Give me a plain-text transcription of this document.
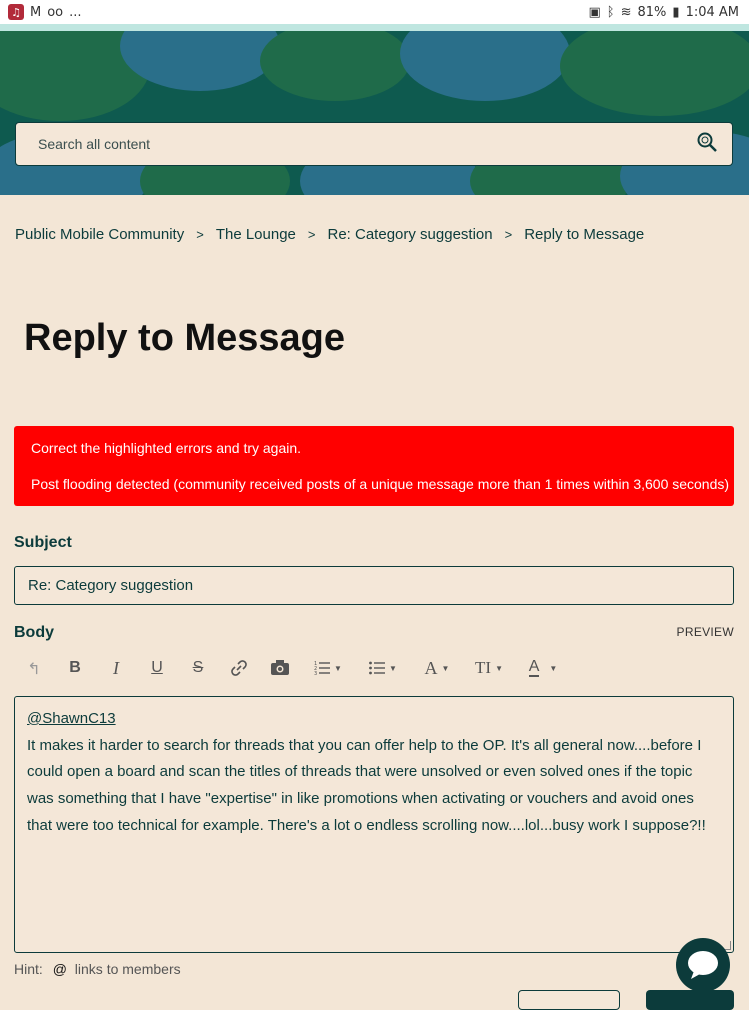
♫ M oo ...	▣ ᛒ ≋ 81% ▮ 1:04 AM
Search all content
Public Mobile Community > The Lounge > Re: Category suggestion > Reply to Message
Reply to Message

Correct the highlighted errors and try again.

Post flooding detected (community received posts of a unique message more than 1 times within 3,600 seconds)

Subject
Re: Category suggestion
Body	PREVIEW
↰ B	I	U S	1
2
3
▼	▼ A ▼ TI ▼ A ▼
@ShawnC13
It makes it harder to search for threads that you can offer help to the OP. It's all general now....before I could open a board and scan the titles of threads that were unsolved or even solved ones if the topic was something that I have "expertise" in like promotions when activating or vouchers and avoid ones that were too technical for example. There's a lot o endless scrolling now....lol...busy work I suppose?!!
Hint: @ links to members
